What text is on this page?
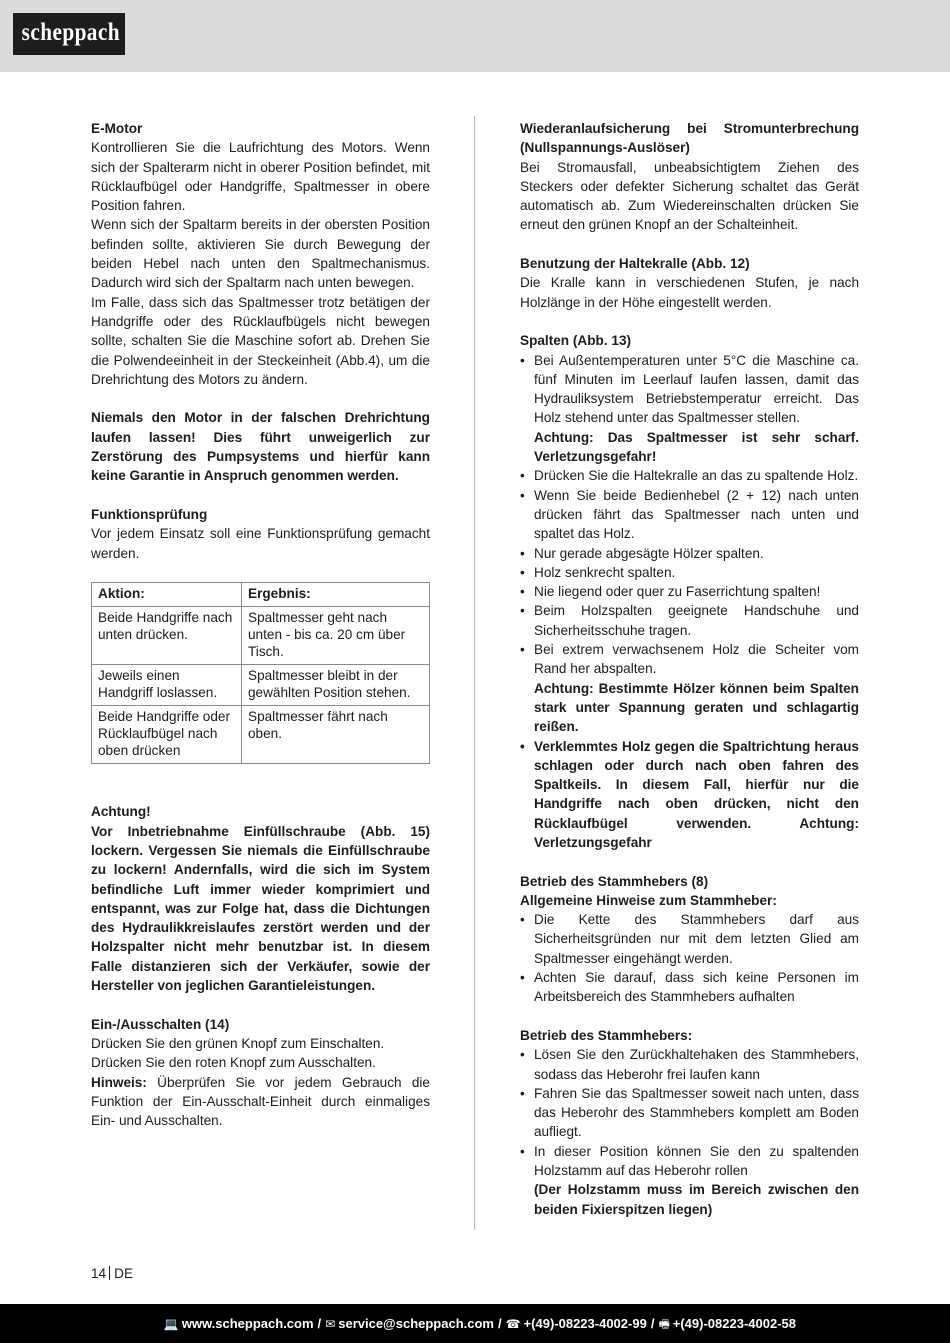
scheppach

E-Motor

Kontrollieren Sie die Laufrichtung des Motors. Wenn sich der Spalterarm nicht in oberer Position befindet, mit Rücklaufbügel oder Handgriffe, Spaltmesser in obere Position fahren.

Wenn sich der Spaltarm bereits in der obersten Position befinden sollte, aktivieren Sie durch Bewegung der beiden Hebel nach unten den Spaltmechanismus. Dadurch wird sich der Spaltarm nach unten bewegen.

Im Falle, dass sich das Spaltmesser trotz betätigen der Handgriffe oder des Rücklaufbügels nicht bewegen sollte, schalten Sie die Maschine sofort ab. Drehen Sie die Polwendeeinheit in der Steckeinheit (Abb.4), um die Drehrichtung des Motors zu ändern.

Niemals den Motor in der falschen Drehrichtung laufen lassen! Dies führt unweigerlich zur Zerstörung des Pumpsystems und hierfür kann keine Garantie in Anspruch genommen werden.

Funktionsprüfung

Vor jedem Einsatz soll eine Funktionsprüfung gemacht werden.

Aktion:	Ergebnis:
Beide Handgriffe nach unten drücken.	Spaltmesser geht nach unten - bis ca. 20 cm über Tisch.
Jeweils einen Handgriff loslassen.	Spaltmesser bleibt in der gewählten Position stehen.
Beide Handgriffe oder Rücklaufbügel nach oben drücken	Spaltmesser fährt nach oben.

Achtung!

Vor Inbetriebnahme Einfüllschraube (Abb. 15) lockern. Vergessen Sie niemals die Einfüllschraube zu lockern! Andernfalls, wird die sich im System befindliche Luft immer wieder komprimiert und entspannt, was zur Folge hat, dass die Dichtungen des Hydraulikkreislaufes zerstört werden und der Holzspalter nicht mehr benutzbar ist. In diesem Falle distanzieren sich der Verkäufer, sowie der Hersteller von jeglichen Garantieleistungen.

Ein-/Ausschalten (14)

Drücken Sie den grünen Knopf zum Einschalten.

Drücken Sie den roten Knopf zum Ausschalten.

Hinweis: Überprüfen Sie vor jedem Gebrauch die Funktion der Ein-Ausschalt-Einheit durch einmaliges Ein- und Ausschalten.

Wiederanlaufsicherung bei Stromunterbrechung (Nullspannungs-Auslöser)

Bei Stromausfall, unbeabsichtigtem Ziehen des Steckers oder defekter Sicherung schaltet das Gerät automatisch ab. Zum Wiedereinschalten drücken Sie erneut den grünen Knopf an der Schalteinheit.

Benutzung der Haltekralle (Abb. 12)

Die Kralle kann in verschiedenen Stufen, je nach Holzlänge in der Höhe eingestellt werden.

Spalten (Abb. 13)

• Bei Außentemperaturen unter 5°C die Maschine ca. fünf Minuten im Leerlauf laufen lassen, damit das Hydrauliksystem Betriebstemperatur erreicht. Das Holz stehend unter das Spaltmesser stellen.
Achtung: Das Spaltmesser ist sehr scharf. Verletzungsgefahr!
• Drücken Sie die Haltekralle an das zu spaltende Holz.
• Wenn Sie beide Bedienhebel (2 + 12) nach unten drücken fährt das Spaltmesser nach unten und spaltet das Holz.
• Nur gerade abgesägte Hölzer spalten.
• Holz senkrecht spalten.
• Nie liegend oder quer zu Faserrichtung spalten!
• Beim Holzspalten geeignete Handschuhe und Sicherheitsschuhe tragen.
• Bei extrem verwachsenem Holz die Scheiter vom Rand her abspalten.
Achtung: Bestimmte Hölzer können beim Spalten stark unter Spannung geraten und schlagartig reißen.
• Verklemmtes Holz gegen die Spaltrichtung heraus schlagen oder durch nach oben fahren des Spaltkeils. In diesem Fall, hierfür nur die Handgriffe nach oben drücken, nicht den Rücklaufbügel verwenden. Achtung: Verletzungsgefahr

Betrieb des Stammhebers (8)

Allgemeine Hinweise zum Stammheber:

• Die Kette des Stammhebers darf aus Sicherheitsgründen nur mit dem letzten Glied am Spaltmesser eingehängt werden.
• Achten Sie darauf, dass sich keine Personen im Arbeitsbereich des Stammhebers aufhalten

Betrieb des Stammhebers:

• Lösen Sie den Zurückhaltehaken des Stammhebers, sodass das Heberohr frei laufen kann
• Fahren Sie das Spaltmesser soweit nach unten, dass das Heberohr des Stammhebers komplett am Boden aufliegt.
• In dieser Position können Sie den zu spaltenden Holzstamm auf das Heberohr rollen
(Der Holzstamm muss im Bereich zwischen den beiden Fixierspitzen liegen)
14 DE
💻 www.scheppach.com / ✉ service@scheppach.com / ☎ +(49)-08223-4002-99 / 🖷 +(49)-08223-4002-58
